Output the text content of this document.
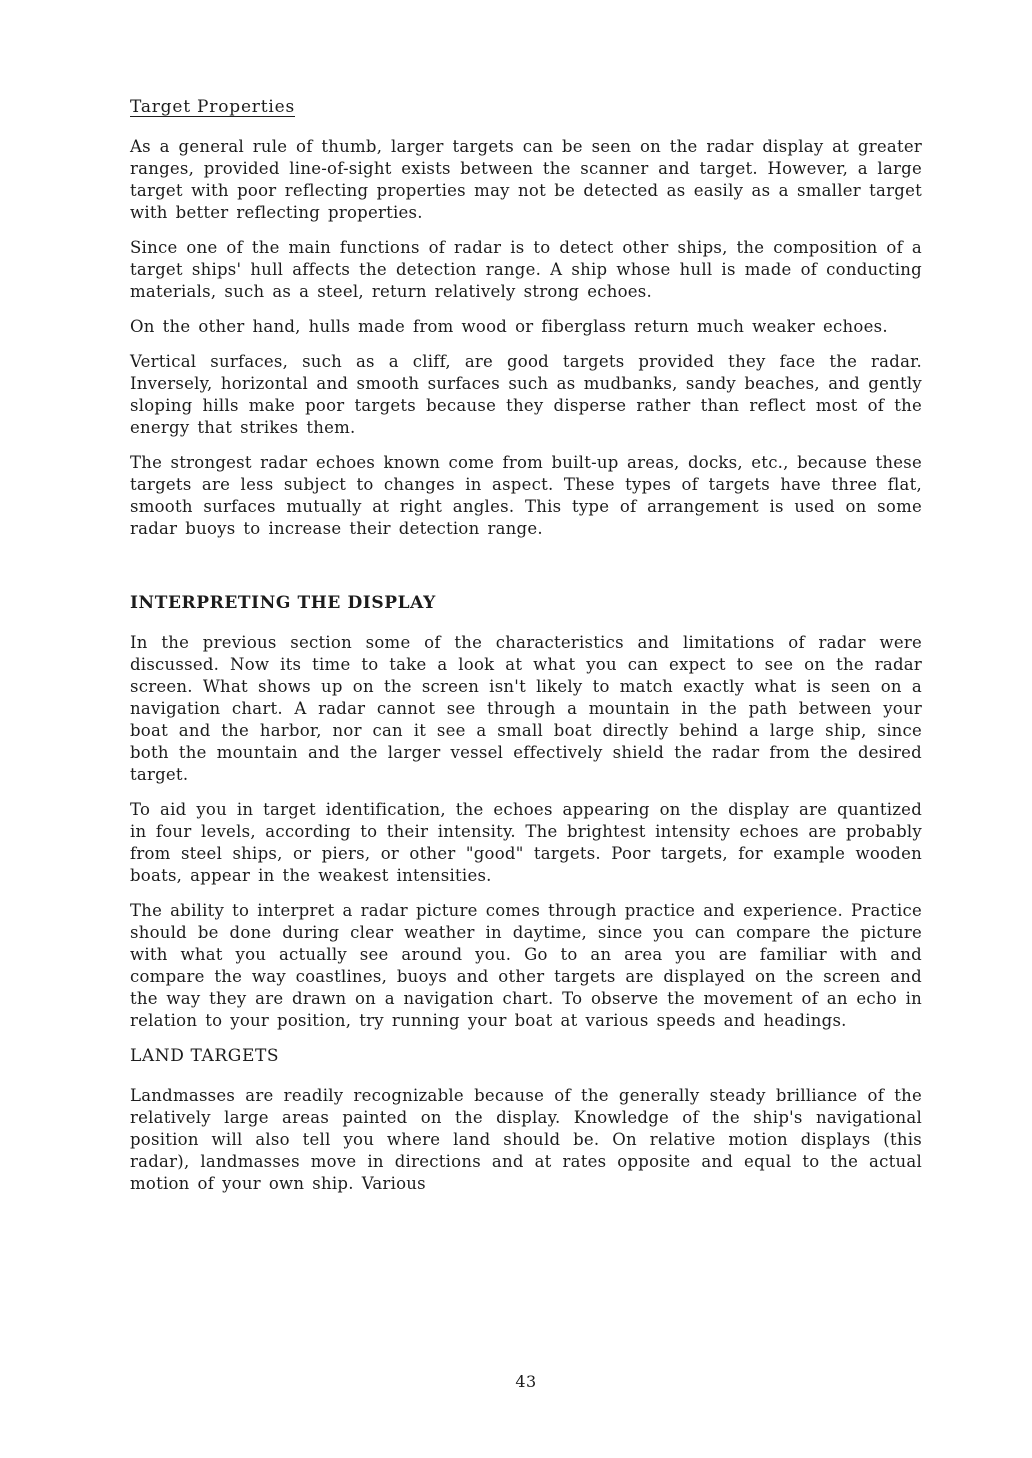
Target Properties

As a general rule of thumb, larger targets can be seen on the radar display at greater ranges, provided line-of-sight exists between the scanner and target. However, a large target with poor reflecting properties may not be detected as easily as a smaller target with better reflecting properties.

Since one of the main functions of radar is to detect other ships, the composition of a target ships' hull affects the detection range. A ship whose hull is made of conducting materials, such as a steel, return relatively strong echoes.

On the other hand, hulls made from wood or fiberglass return much weaker echoes.

Vertical surfaces, such as a cliff, are good targets provided they face the radar. Inversely, horizontal and smooth surfaces such as mudbanks, sandy beaches, and gently sloping hills make poor targets because they disperse rather than reflect most of the energy that strikes them.

The strongest radar echoes known come from built-up areas, docks, etc., because these targets are less subject to changes in aspect. These types of targets have three flat, smooth surfaces mutually at right angles. This type of arrangement is used on some radar buoys to increase their detection range.

INTERPRETING THE DISPLAY

In the previous section some of the characteristics and limitations of radar were discussed. Now its time to take a look at what you can expect to see on the radar screen. What shows up on the screen isn't likely to match exactly what is seen on a navigation chart. A radar cannot see through a mountain in the path between your boat and the harbor, nor can it see a small boat directly behind a large ship, since both the mountain and the larger vessel effectively shield the radar from the desired target.

To aid you in target identification, the echoes appearing on the display are quantized in four levels, according to their intensity. The brightest intensity echoes are probably from steel ships, or piers, or other "good" targets. Poor targets, for example wooden boats, appear in the weakest intensities.

The ability to interpret a radar picture comes through practice and experience. Practice should be done during clear weather in daytime, since you can compare the picture with what you actually see around you. Go to an area you are familiar with and compare the way coastlines, buoys and other targets are displayed on the screen and the way they are drawn on a navigation chart. To observe the movement of an echo in relation to your position, try running your boat at various speeds and headings.

LAND TARGETS

Landmasses are readily recognizable because of the generally steady brilliance of the relatively large areas painted on the display. Knowledge of the ship's navigational position will also tell you where land should be. On relative motion displays (this radar), landmasses move in directions and at rates opposite and equal to the actual motion of your own ship. Various

43
